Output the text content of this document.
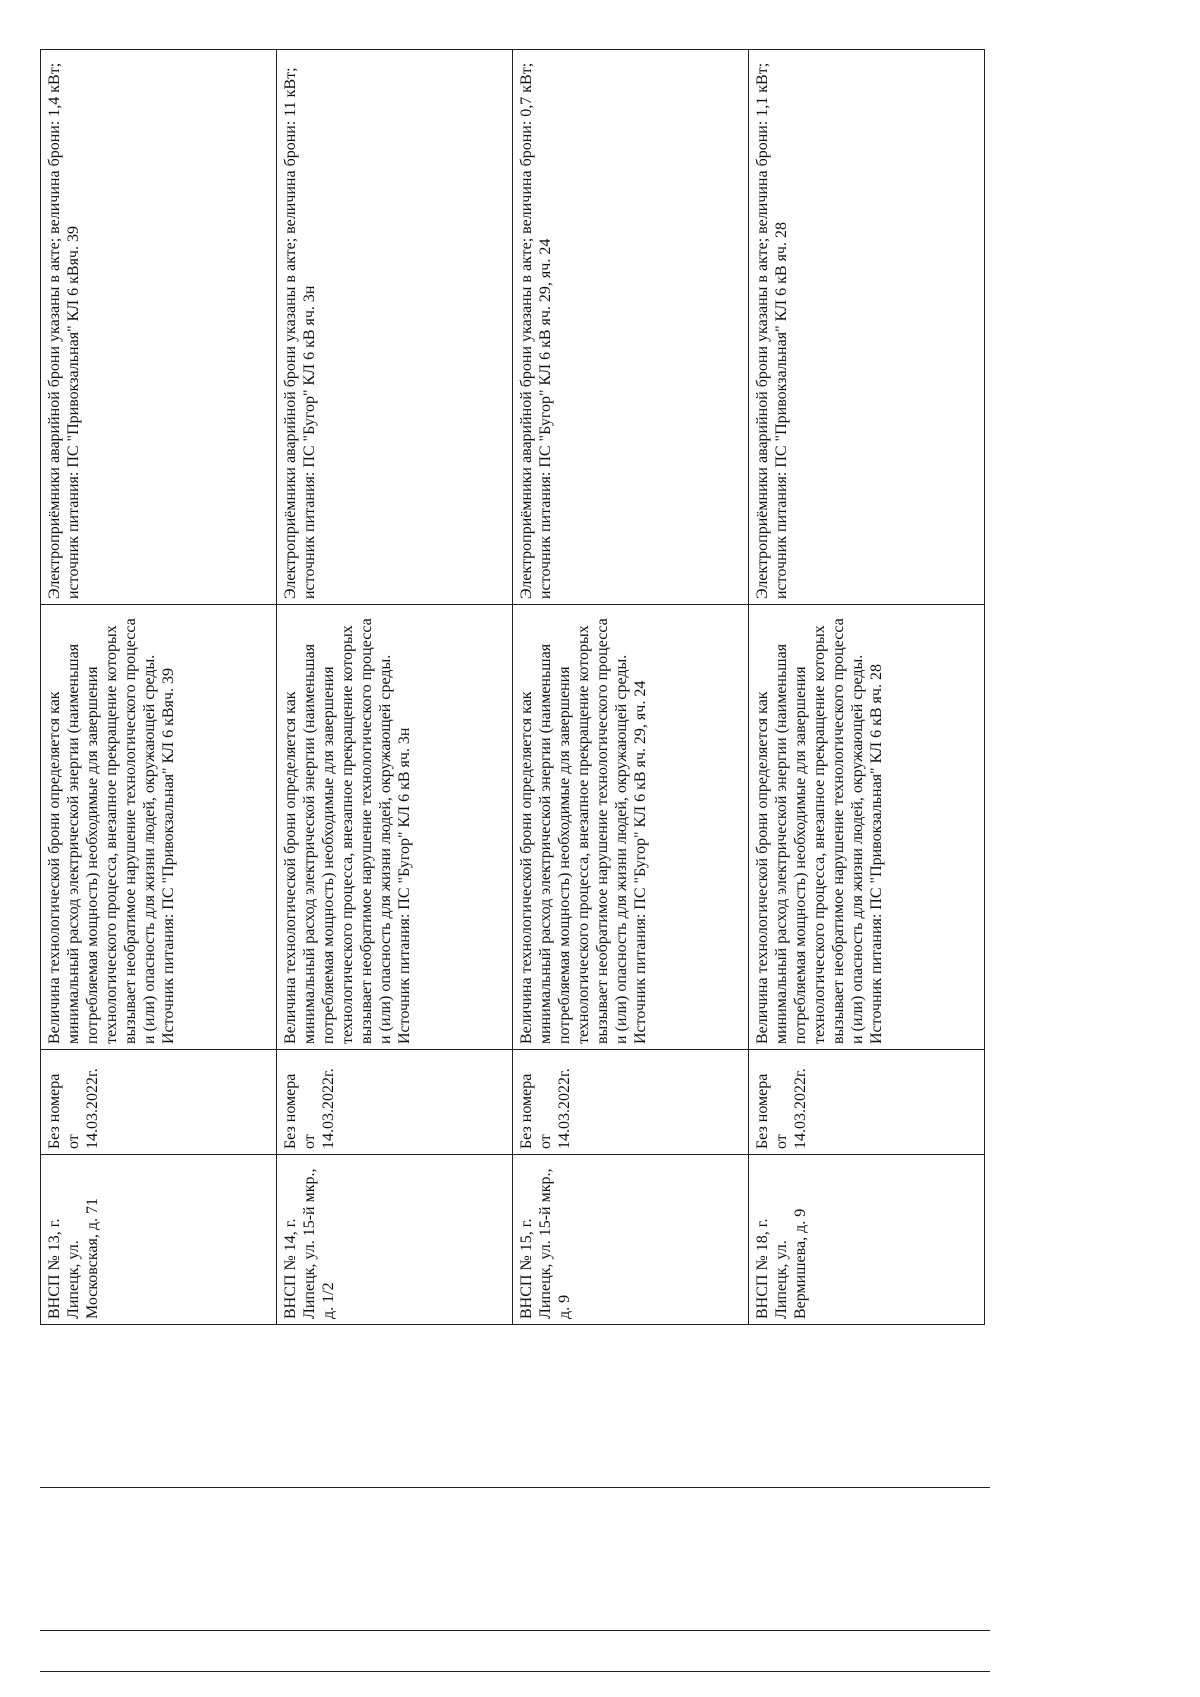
ВНСП № 13, г. Липецк, ул. Московская, д. 71	Без номера от 14.03.2022г.	Величина технологической брони определяется как минимальный расход электрической энергии (наименьшая потребляемая мощность) необходимые для завершения технологического процесса, внезапное прекращение которых вызывает необратимое нарушение технологического процесса и (или) опасность для жизни людей, окружающей среды. Источник питания: ПС "Привокзальная" КЛ 6 кВяч. 39	Электроприёмники аварийной брони указаны в акте; величина брони: 1,4 кВт; источник питания: ПС "Привокзальная" КЛ 6 кВяч. 39
ВНСП № 14, г. Липецк, ул. 15-й мкр., д. 1/2	Без номера от 14.03.2022г.	Величина технологической брони определяется как минимальный расход электрической энергии (наименьшая потребляемая мощность) необходимые для завершения технологического процесса, внезапное прекращение которых вызывает необратимое нарушение технологического процесса и (или) опасность для жизни людей, окружающей среды. Источник питания: ПС "Бугор" КЛ 6 кВ яч. 3н	Электроприёмники аварийной брони указаны в акте; величина брони: 11 кВт; источник питания: ПС "Бугор" КЛ 6 кВ яч. 3н
ВНСП № 15, г. Липецк, ул. 15-й мкр., д. 9	Без номера от 14.03.2022г.	Величина технологической брони определяется как минимальный расход электрической энергии (наименьшая потребляемая мощность) необходимые для завершения технологического процесса, внезапное прекращение которых вызывает необратимое нарушение технологического процесса и (или) опасность для жизни людей, окружающей среды. Источник питания: ПС "Бугор" КЛ 6 кВ яч. 29, яч. 24	Электроприёмники аварийной брони указаны в акте; величина брони: 0,7 кВт; источник питания: ПС "Бугор" КЛ 6 кВ яч. 29, яч. 24
ВНСП № 18, г. Липецк, ул. Вермишева, д. 9	Без номера от 14.03.2022г.	Величина технологической брони определяется как минимальный расход электрической энергии (наименьшая потребляемая мощность) необходимые для завершения технологического процесса, внезапное прекращение которых вызывает необратимое нарушение технологического процесса и (или) опасность для жизни людей, окружающей среды. Источник питания: ПС "Привокзальная" КЛ 6 кВ яч. 28	Электроприёмники аварийной брони указаны в акте; величина брони: 1,1 кВт; источник питания: ПС "Привокзальная" КЛ 6 кВ яч. 28
